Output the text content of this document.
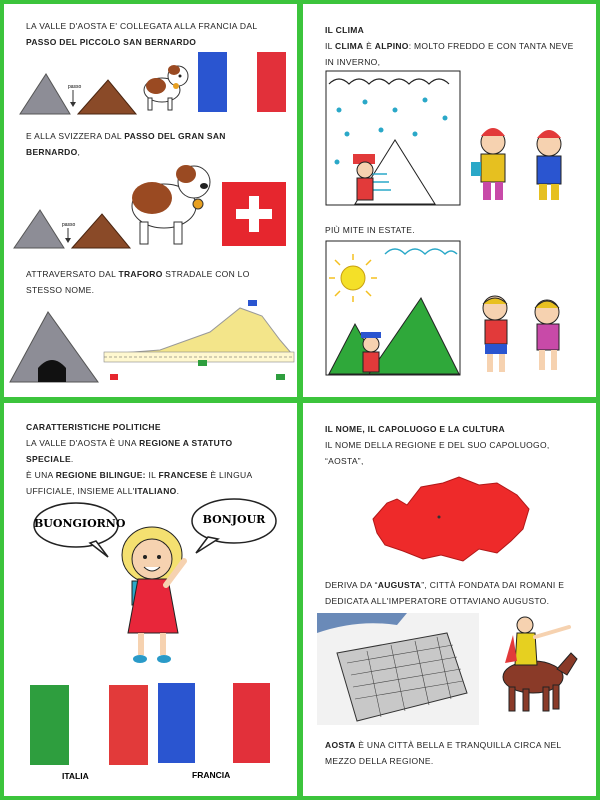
LA VALLE D'AOSTA E' COLLEGATA ALLA FRANCIA DAL
PASSO DEL PICCOLO SAN BERNARDO
passo
E ALLA SVIZZERA DAL PASSO DEL GRAN SAN
BERNARDO,
passo
ATTRAVERSATO DAL TRAFORO STRADALE CON LO
STESSO NOME.
IL CLIMA
IL CLIMA È ALPINO: MOLTO FREDDO E CON TANTA NEVE
IN INVERNO,
PIÙ MITE IN ESTATE.
CARATTERISTICHE POLITICHE
LA VALLE D'AOSTA È UNA REGIONE A STATUTO
SPECIALE.
È UNA REGIONE BILINGUE: IL FRANCESE È LINGUA
UFFICIALE, INSIEME ALL'ITALIANO.
BUONGIORNO	BONJOUR
ITALIA	FRANCIA
IL NOME, IL CAPOLUOGO E LA CULTURA
IL NOME DELLA REGIONE E DEL SUO CAPOLUOGO,
“AOSTA”,
DERIVA DA “AUGUSTA”, CITTÀ FONDATA DAI ROMANI E
DEDICATA ALL'IMPERATORE OTTAVIANO AUGUSTO.
AOSTA È UNA CITTÀ BELLA E TRANQUILLA CIRCA NEL
MEZZO DELLA REGIONE.
